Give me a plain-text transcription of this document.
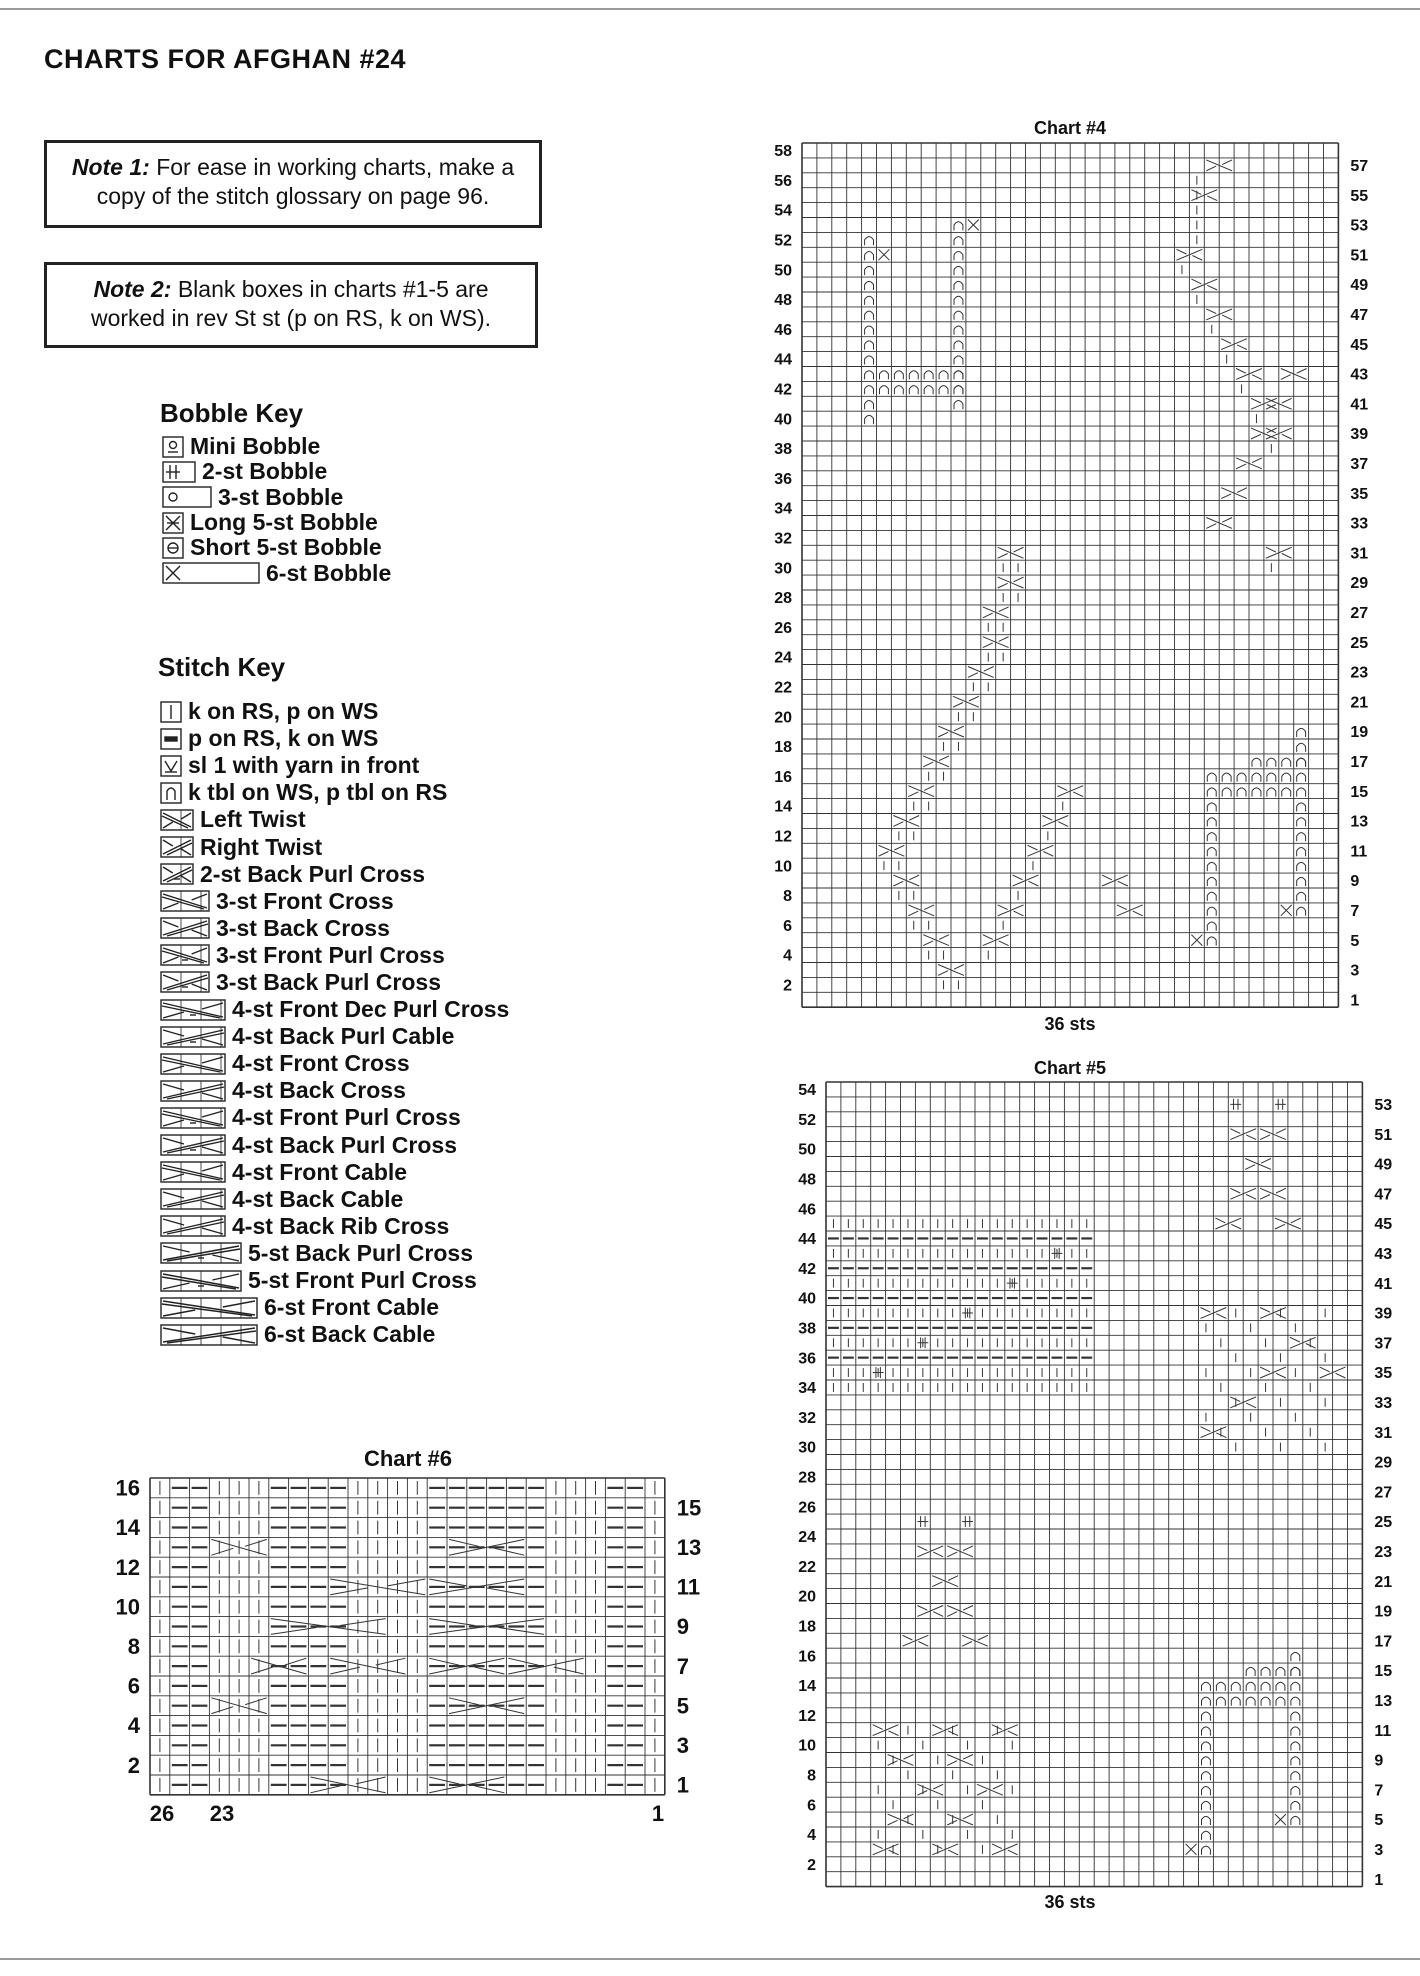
CHARTS FOR AFGHAN #24
Note 1: For ease in working charts, make a copy of the stitch glossary on page 96.
Note 2: Blank boxes in charts #1-5 are worked in rev St st (p on RS, k on WS).
Bobble Key
Mini Bobble
2-st Bobble
3-st Bobble
Long 5-st Bobble
Short 5-st Bobble
6-st Bobble
Stitch Key
k on RS, p on WS
p on RS, k on WS
sl 1 with yarn in front
k tbl on WS, p tbl on RS
Left Twist
Right Twist
2-st Back Purl Cross
3-st Front Cross
3-st Back Cross
3-st Front Purl Cross
3-st Back Purl Cross
4-st Front Dec Purl Cross
4-st Back Purl Cable
4-st Front Cross
4-st Back Cross
4-st Front Purl Cross
4-st Back Purl Cross
4-st Front Cable
4-st Back Cable
4-st Back Rib Cross
5-st Back Purl Cross
5-st Front Purl Cross
6-st Front Cable
6-st Back Cable
Chart #4
58
56
54
52
50
48
46
44
42
40
38
36
34
32
30
28
26
24
22
20
18
16
14
12
10
8
6
4
2
57
55
53
51
49
47
45
43
41
39
37
35
33
31
29
27
25
23
21
19
17
15
13
11
9
7
5
3
1
36 sts
Chart #5
54
52
50
48
46
44
42
40
38
36
34
32
30
28
26
24
22
20
18
16
14
12
10
8
6
4
2
53
51
49
47
45
43
41
39
37
35
33
31
29
27
25
23
21
19
17
15
13
11
9
7
5
3
1
36 sts
Chart #6
16
14
12
10
8
6
4
2
15
13
11
9
7
5
3
1
26 23	1
